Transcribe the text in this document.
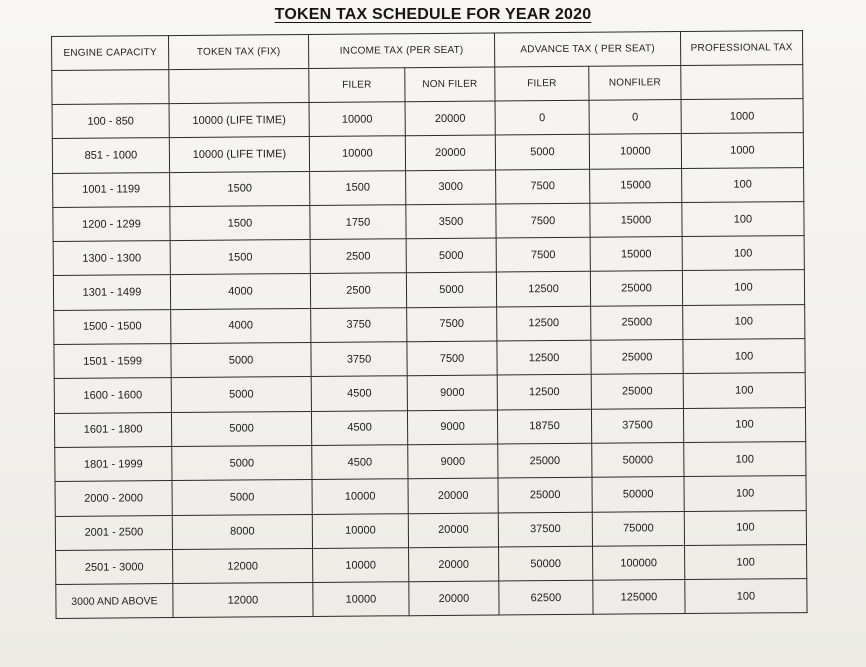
TOKEN TAX SCHEDULE FOR YEAR 2020
ENGINE CAPACITY	TOKEN TAX (FIX)	INCOME TAX (PER SEAT)		ADVANCE TAX ( PER SEAT)		PROFESSIONAL TAX
		FILER	NON FILER	FILER	NONFILER	
100 - 850	10000 (LIFE TIME)	10000	20000	0	0	1000
851 - 1000	10000 (LIFE TIME)	10000	20000	5000	10000	1000
1001 - 1199	1500	1500	3000	7500	15000	100
1200 - 1299	1500	1750	3500	7500	15000	100
1300 - 1300	1500	2500	5000	7500	15000	100
1301 - 1499	4000	2500	5000	12500	25000	100
1500 - 1500	4000	3750	7500	12500	25000	100
1501 - 1599	5000	3750	7500	12500	25000	100
1600 - 1600	5000	4500	9000	12500	25000	100
1601 - 1800	5000	4500	9000	18750	37500	100
1801 - 1999	5000	4500	9000	25000	50000	100
2000 - 2000	5000	10000	20000	25000	50000	100
2001 - 2500	8000	10000	20000	37500	75000	100
2501 - 3000	12000	10000	20000	50000	100000	100
3000 AND ABOVE	12000	10000	20000	62500	125000	100
